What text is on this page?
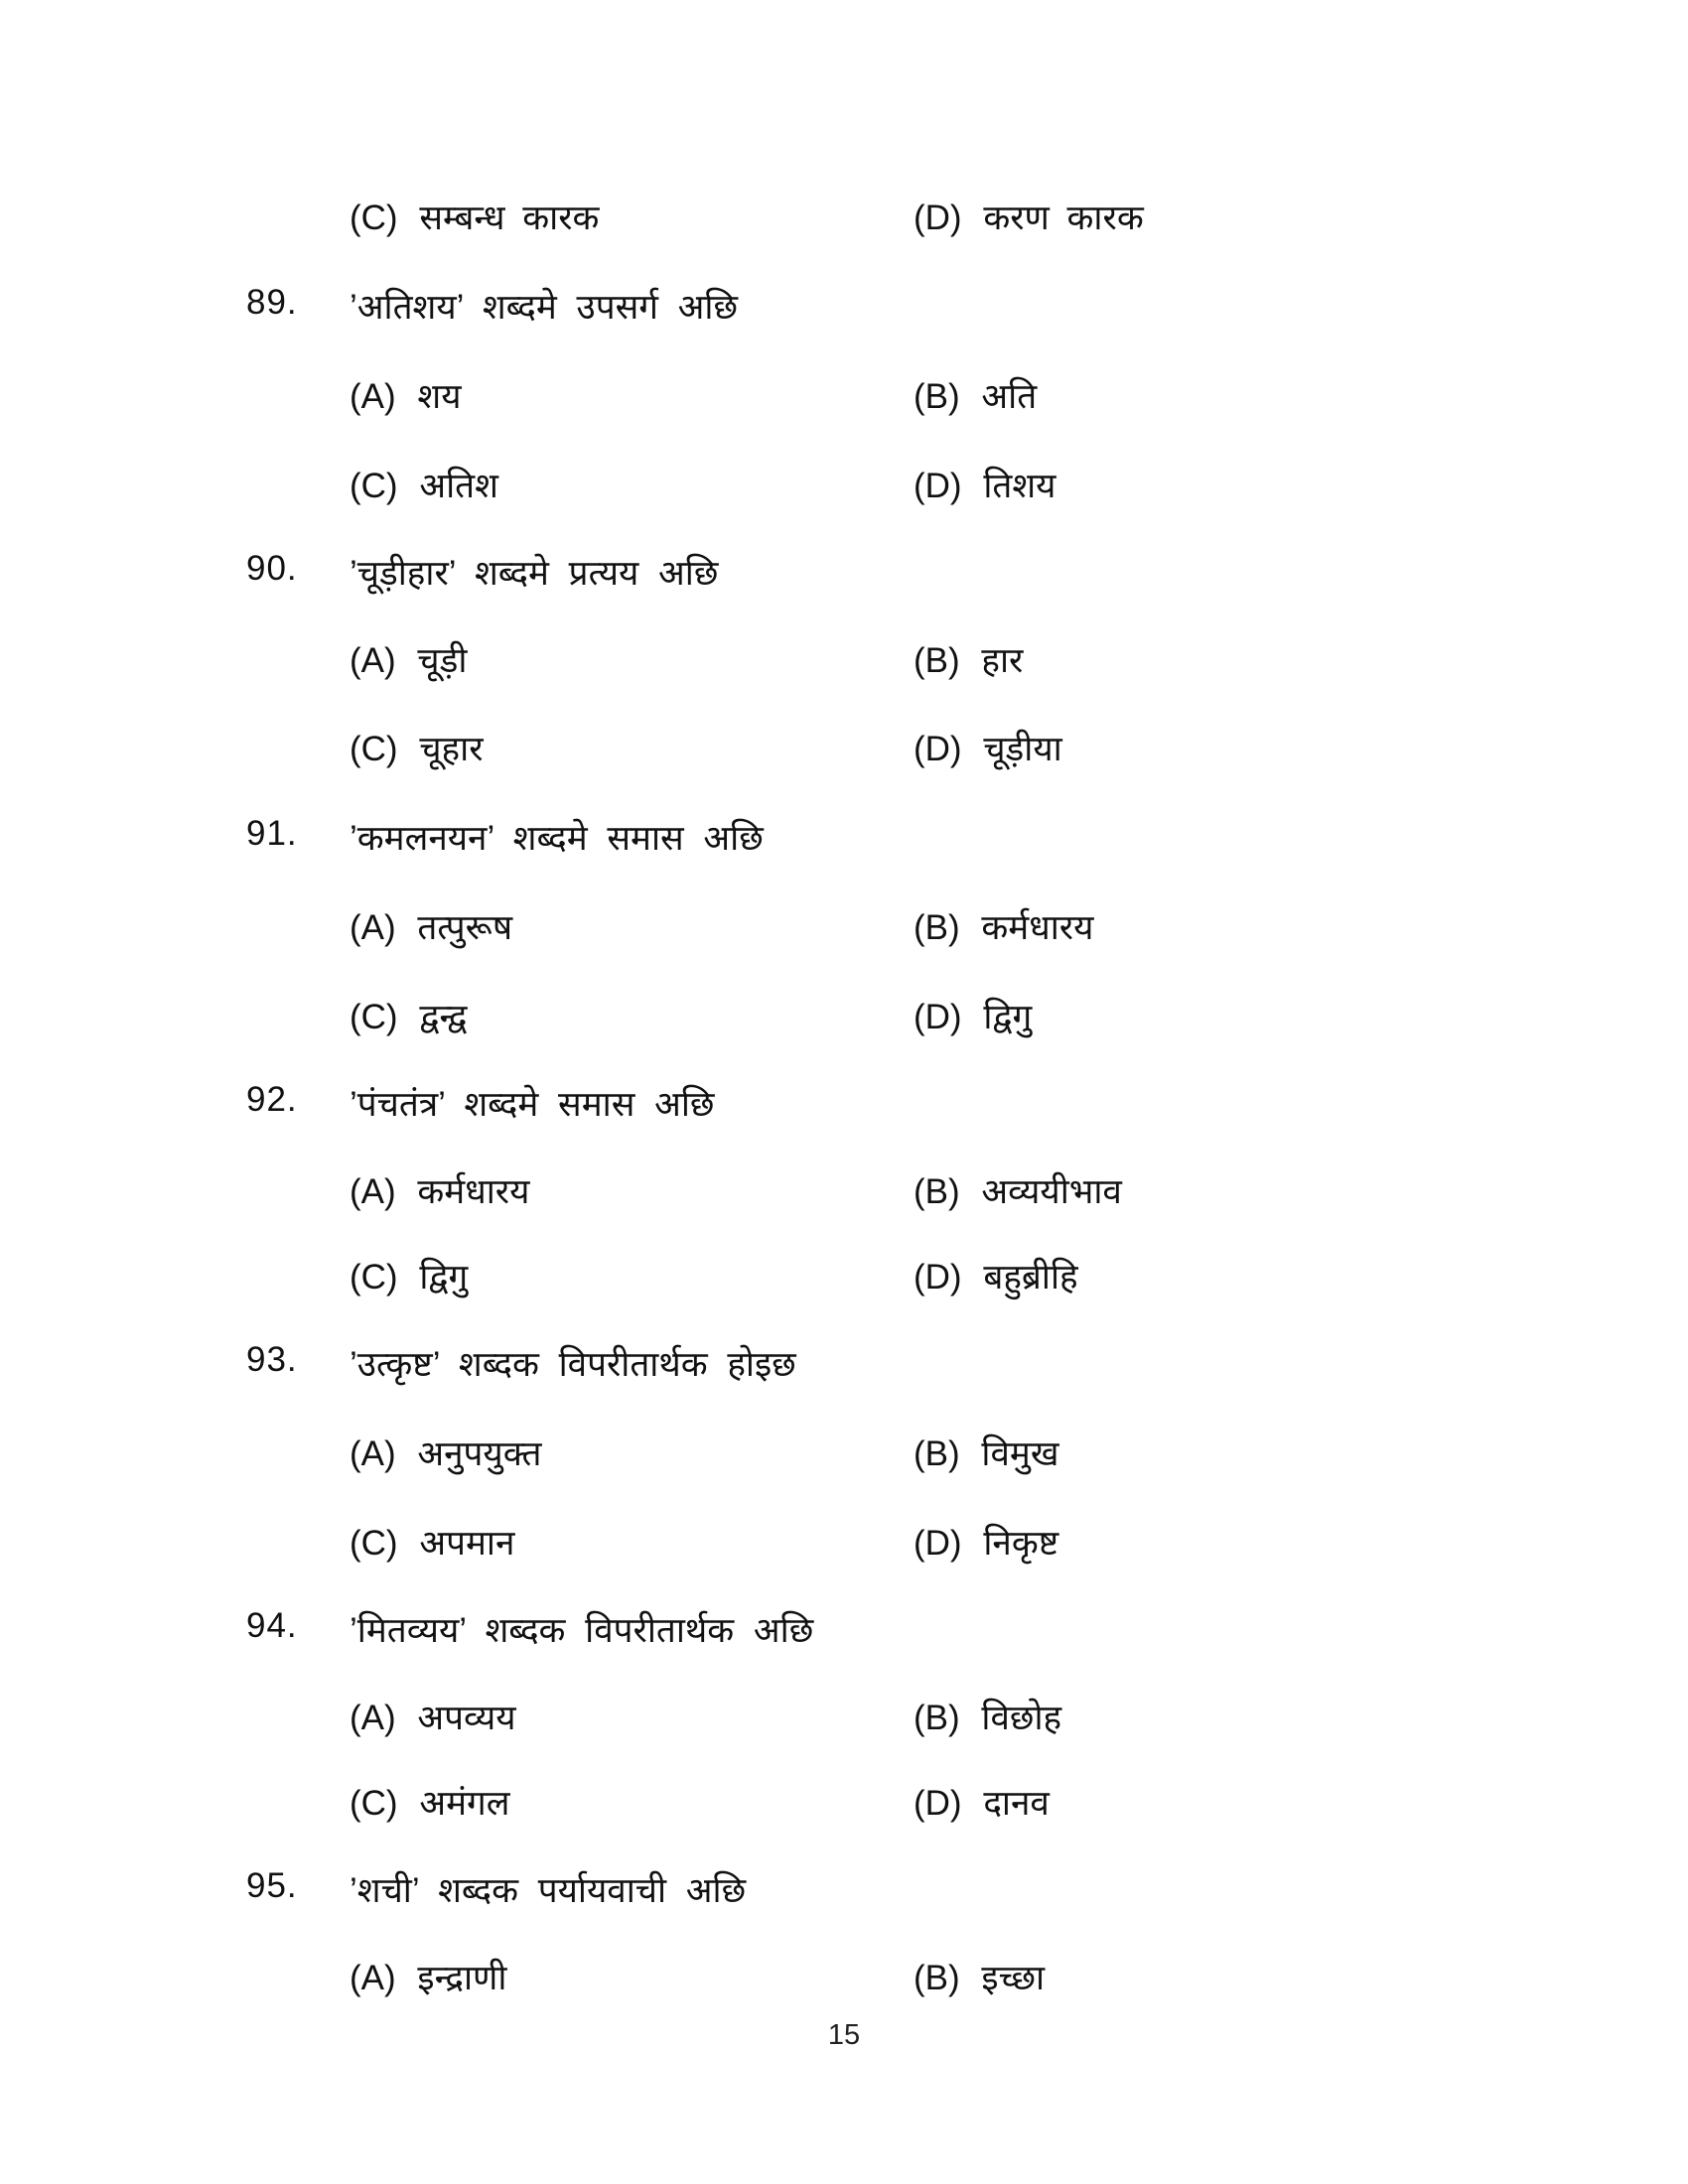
(C) सम्बन्ध कारक	(D) करण कारक
89. ’अतिशय’ शब्दमे उपसर्ग अछि
(A) शय	(B) अति
(C) अतिश	(D) तिशय
90. ’चूड़ीहार’ शब्दमे प्रत्यय अछि
(A) चूड़ी	(B) हार
(C) चूहार	(D) चूड़ीया
91. ’कमलनयन’ शब्दमे समास अछि
(A) तत्पुरूष	(B) कर्मधारय
(C) द्वन्द्व	(D) द्विगु
92. ’पंचतंत्र’ शब्दमे समास अछि
(A) कर्मधारय	(B) अव्ययीभाव
(C) द्विगु	(D) बहुब्रीहि
93. ’उत्कृष्ट’ शब्दक विपरीतार्थक होइछ
(A) अनुपयुक्त	(B) विमुख
(C) अपमान	(D) निकृष्ट
94. ’मितव्यय’ शब्दक विपरीतार्थक अछि
(A) अपव्यय	(B) विछोह
(C) अमंगल	(D) दानव
95. ’शची’ शब्दक पर्यायवाची अछि
(A) इन्द्राणी	(B) इच्छा
15
